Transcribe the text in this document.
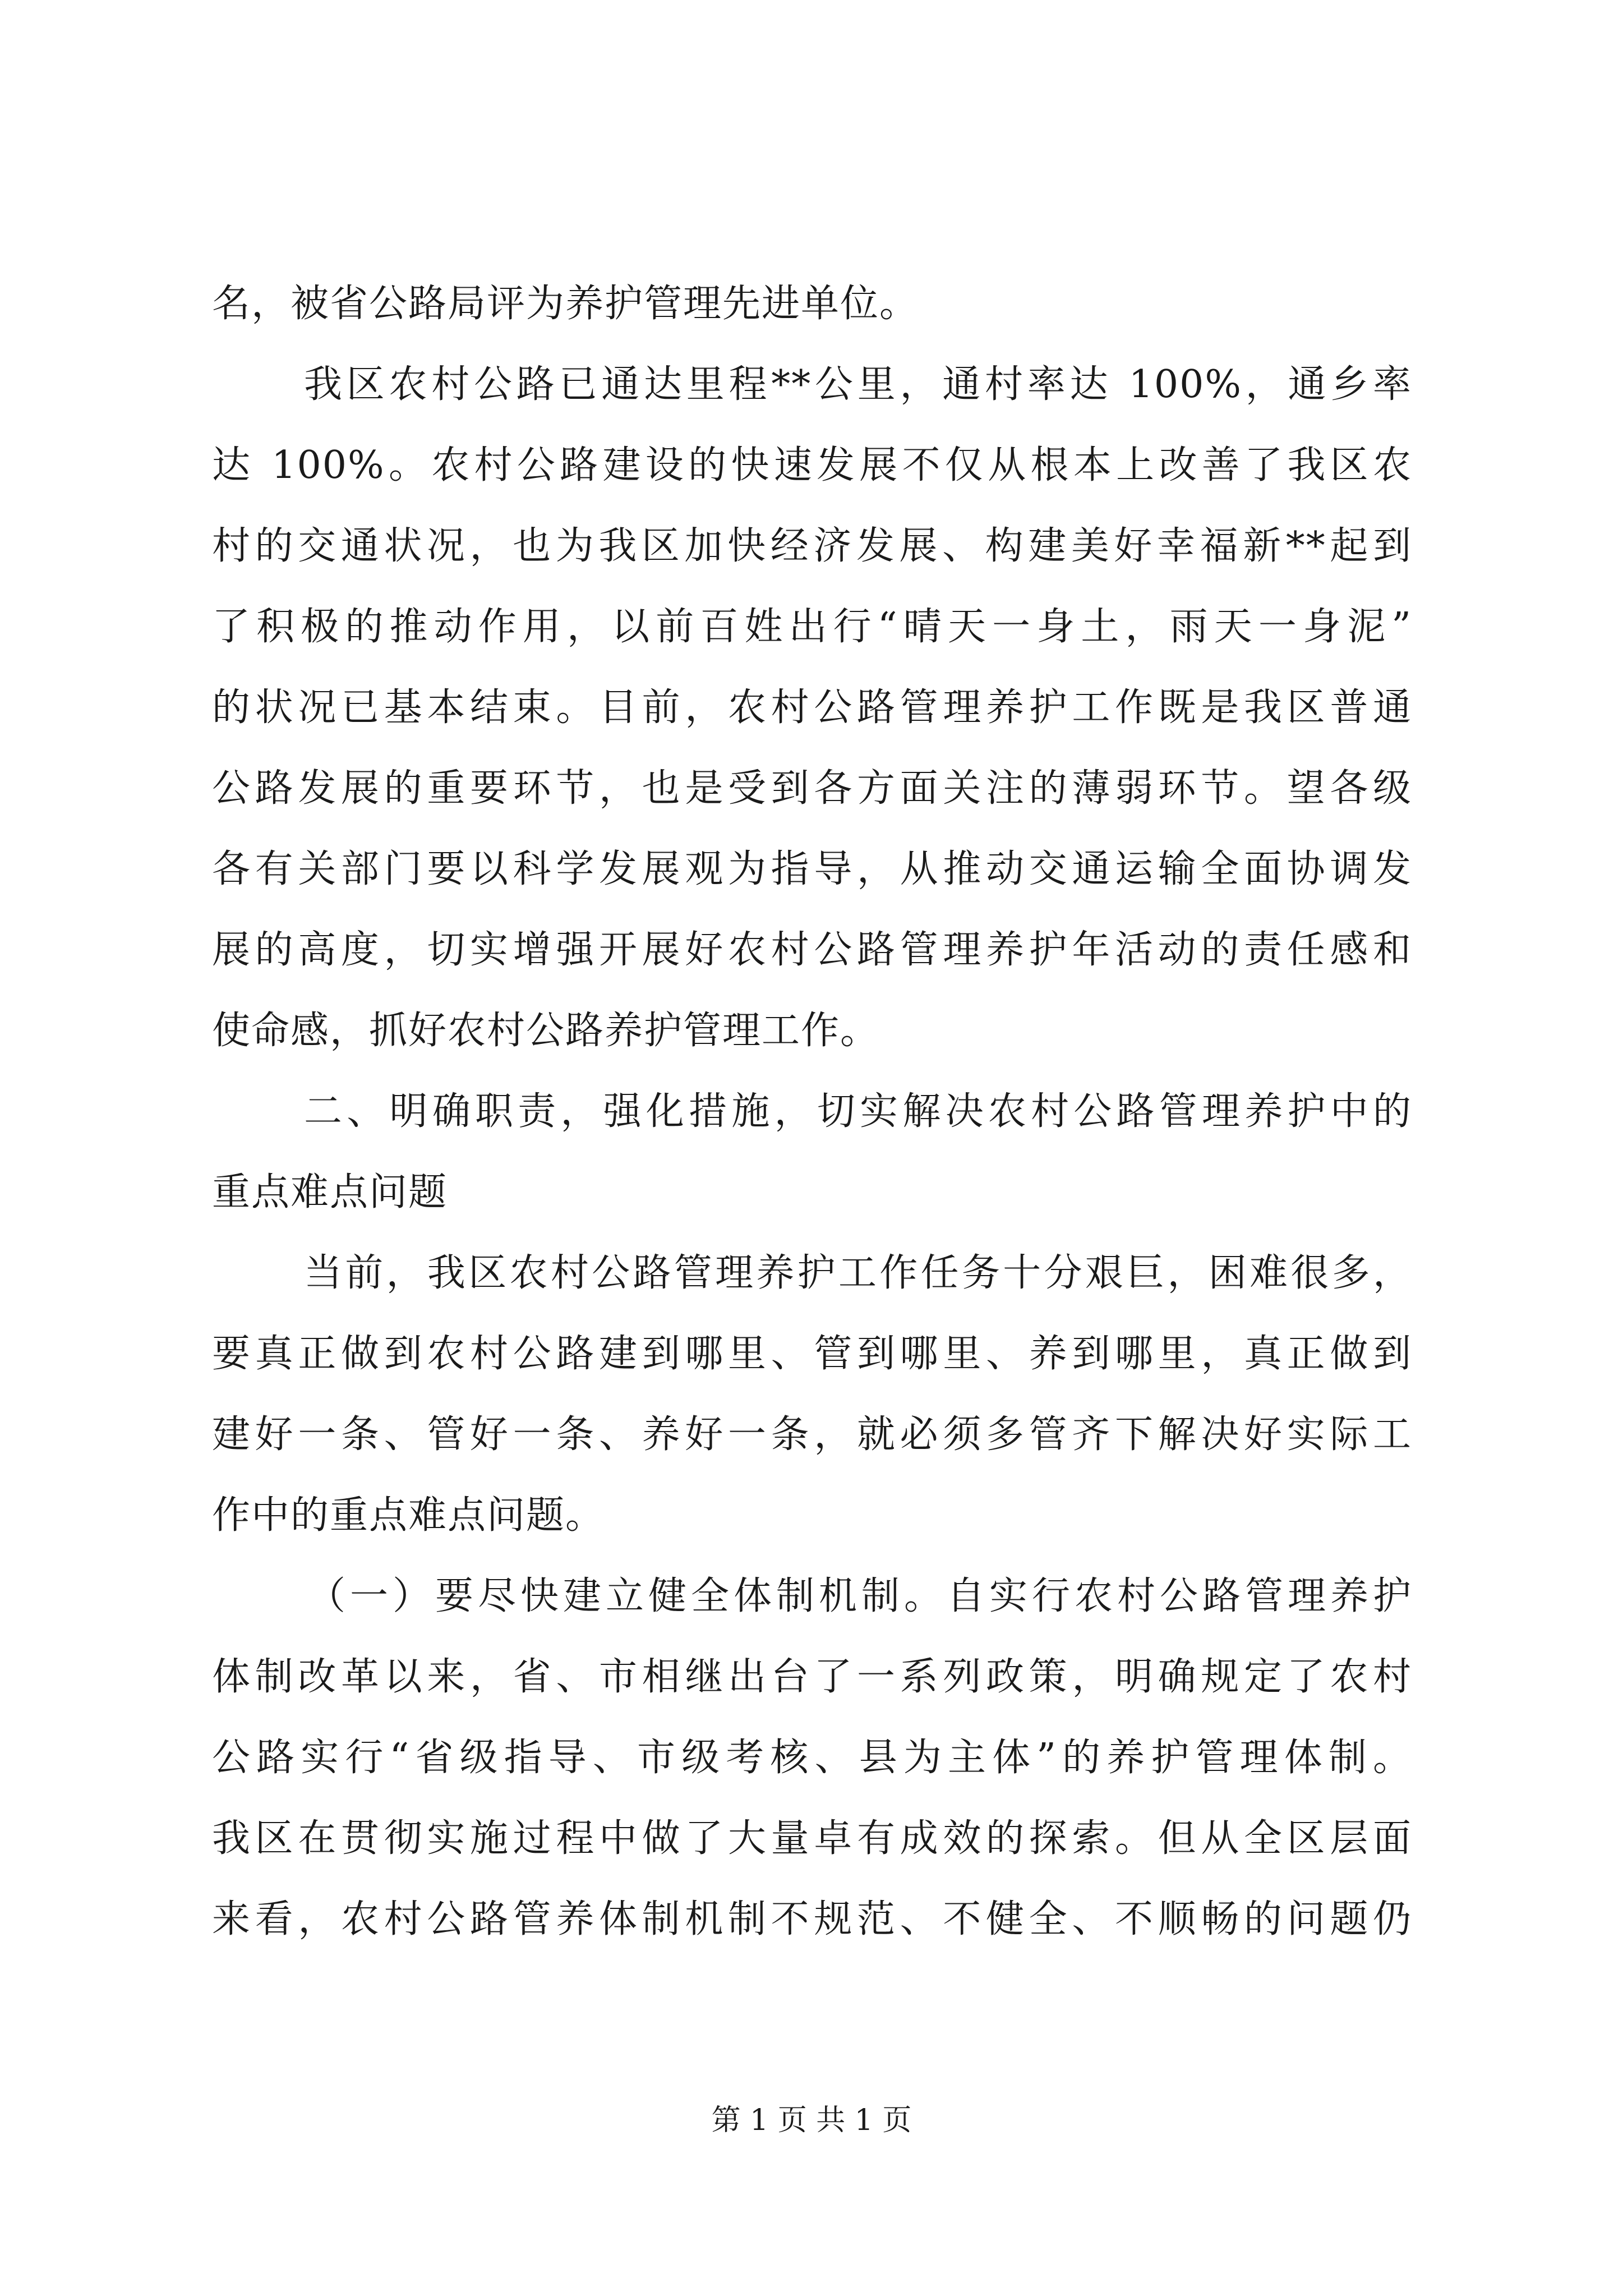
名，被省公路局评为养护管理先进单位。
我区农村公路已通达里程**公里，通村率达 100%，通乡率
达 100%。农村公路建设的快速发展不仅从根本上改善了我区农
村的交通状况，也为我区加快经济发展、构建美好幸福新**起到
了积极的推动作用，以前百姓出行“晴天一身土，雨天一身泥”
的状况已基本结束。目前，农村公路管理养护工作既是我区普通
公路发展的重要环节，也是受到各方面关注的薄弱环节。望各级
各有关部门要以科学发展观为指导，从推动交通运输全面协调发
展的高度，切实增强开展好农村公路管理养护年活动的责任感和
使命感，抓好农村公路养护管理工作。
二、明确职责，强化措施，切实解决农村公路管理养护中的
重点难点问题
当前，我区农村公路管理养护工作任务十分艰巨，困难很多，
要真正做到农村公路建到哪里、管到哪里、养到哪里，真正做到
建好一条、管好一条、养好一条，就必须多管齐下解决好实际工
作中的重点难点问题。
（一）要尽快建立健全体制机制。自实行农村公路管理养护
体制改革以来，省、市相继出台了一系列政策，明确规定了农村
公路实行“省级指导、市级考核、县为主体”的养护管理体制。
我区在贯彻实施过程中做了大量卓有成效的探索。但从全区层面
来看，农村公路管养体制机制不规范、不健全、不顺畅的问题仍
第 1 页 共 1 页
